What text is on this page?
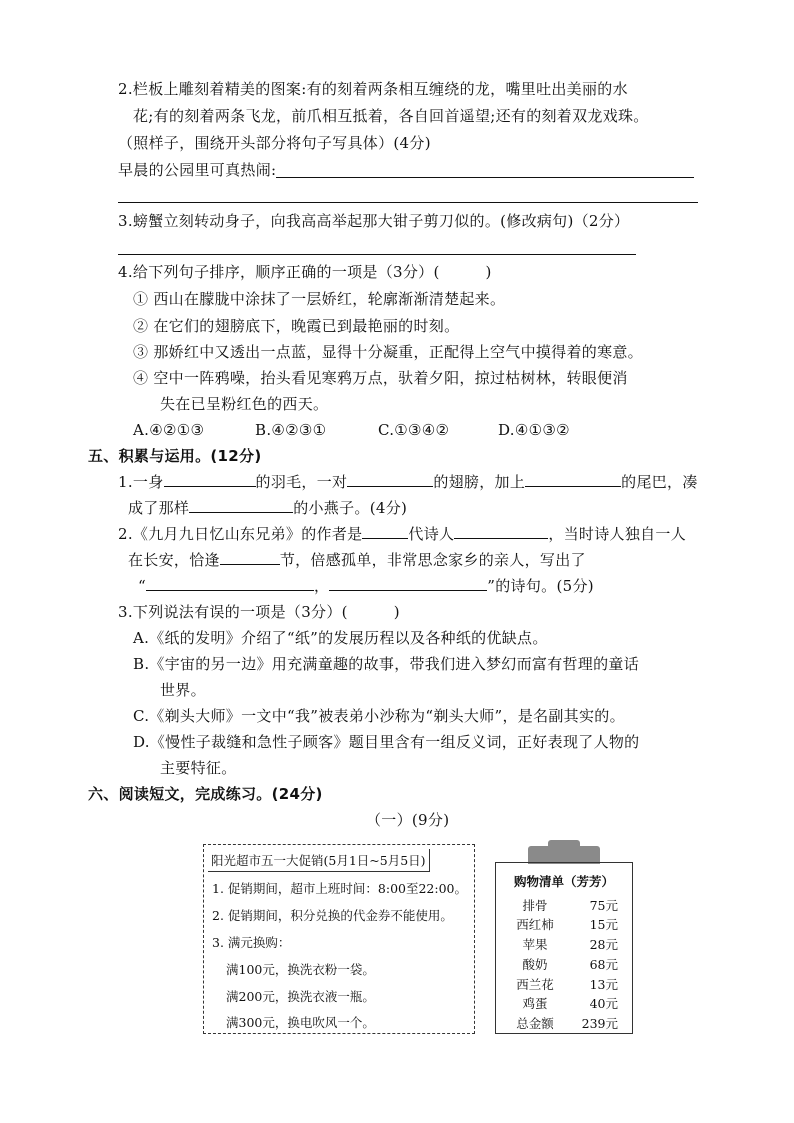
2.栏板上雕刻着精美的图案:有的刻着两条相互缠绕的龙，嘴里吐出美丽的水
花;有的刻着两条飞龙，前爪相互抵着，各自回首遥望;还有的刻着双龙戏珠。
（照样子，围绕开头部分将句子写具体）(4分)
早晨的公园里可真热闹:
3.螃蟹立刻转动身子，向我高高举起那大钳子剪刀似的。(修改病句)（2分）
4.给下列句子排序，顺序正确的一项是（3分）(　　　)
① 西山在朦胧中涂抹了一层娇红，轮廓渐渐清楚起来。
② 在它们的翅膀底下，晚霞已到最艳丽的时刻。
③ 那娇红中又透出一点蓝，显得十分凝重，正配得上空气中摸得着的寒意。
④ 空中一阵鸦噪，抬头看见寒鸦万点，驮着夕阳，掠过枯树林，转眼便消
失在已呈粉红色的西天。
A.④②①③	B.④②③①	C.①③④②	D.④①③②
五、积累与运用。(12分)
1.一身	的羽毛，一对	的翅膀，加上	的尾巴，凑
成了那样	的小燕子。(4分)
2.《九月九日忆山东兄弟》的作者是	代诗人	，当时诗人独自一人
在长安，恰逢	节，倍感孤单，非常思念家乡的亲人，写出了
“	，	”的诗句。(5分)
3.下列说法有误的一项是（3分）(　　　)
A.《纸的发明》介绍了“纸”的发展历程以及各种纸的优缺点。
B.《宇宙的另一边》用充满童趣的故事，带我们进入梦幻而富有哲理的童话
世界。
C.《剃头大师》一文中“我”被表弟小沙称为“剃头大师”，是名副其实的。
D.《慢性子裁缝和急性子顾客》题目里含有一组反义词，正好表现了人物的
主要特征。
六、阅读短文，完成练习。(24分)
（一）(9分)
阳光超市五一大促销(5月1日~5月5日)
1. 促销期间，超市上班时间：8:00至22:00。
2. 促销期间，积分兑换的代金券不能使用。
3. 满元换购：
满100元，换洗衣粉一袋。
满200元，换洗衣液一瓶。
满300元，换电吹风一个。
购物清单（芳芳）
排骨	75元
西红柿	15元
苹果	28元
酸奶	68元
西兰花	13元
鸡蛋	40元
总金额	239元
